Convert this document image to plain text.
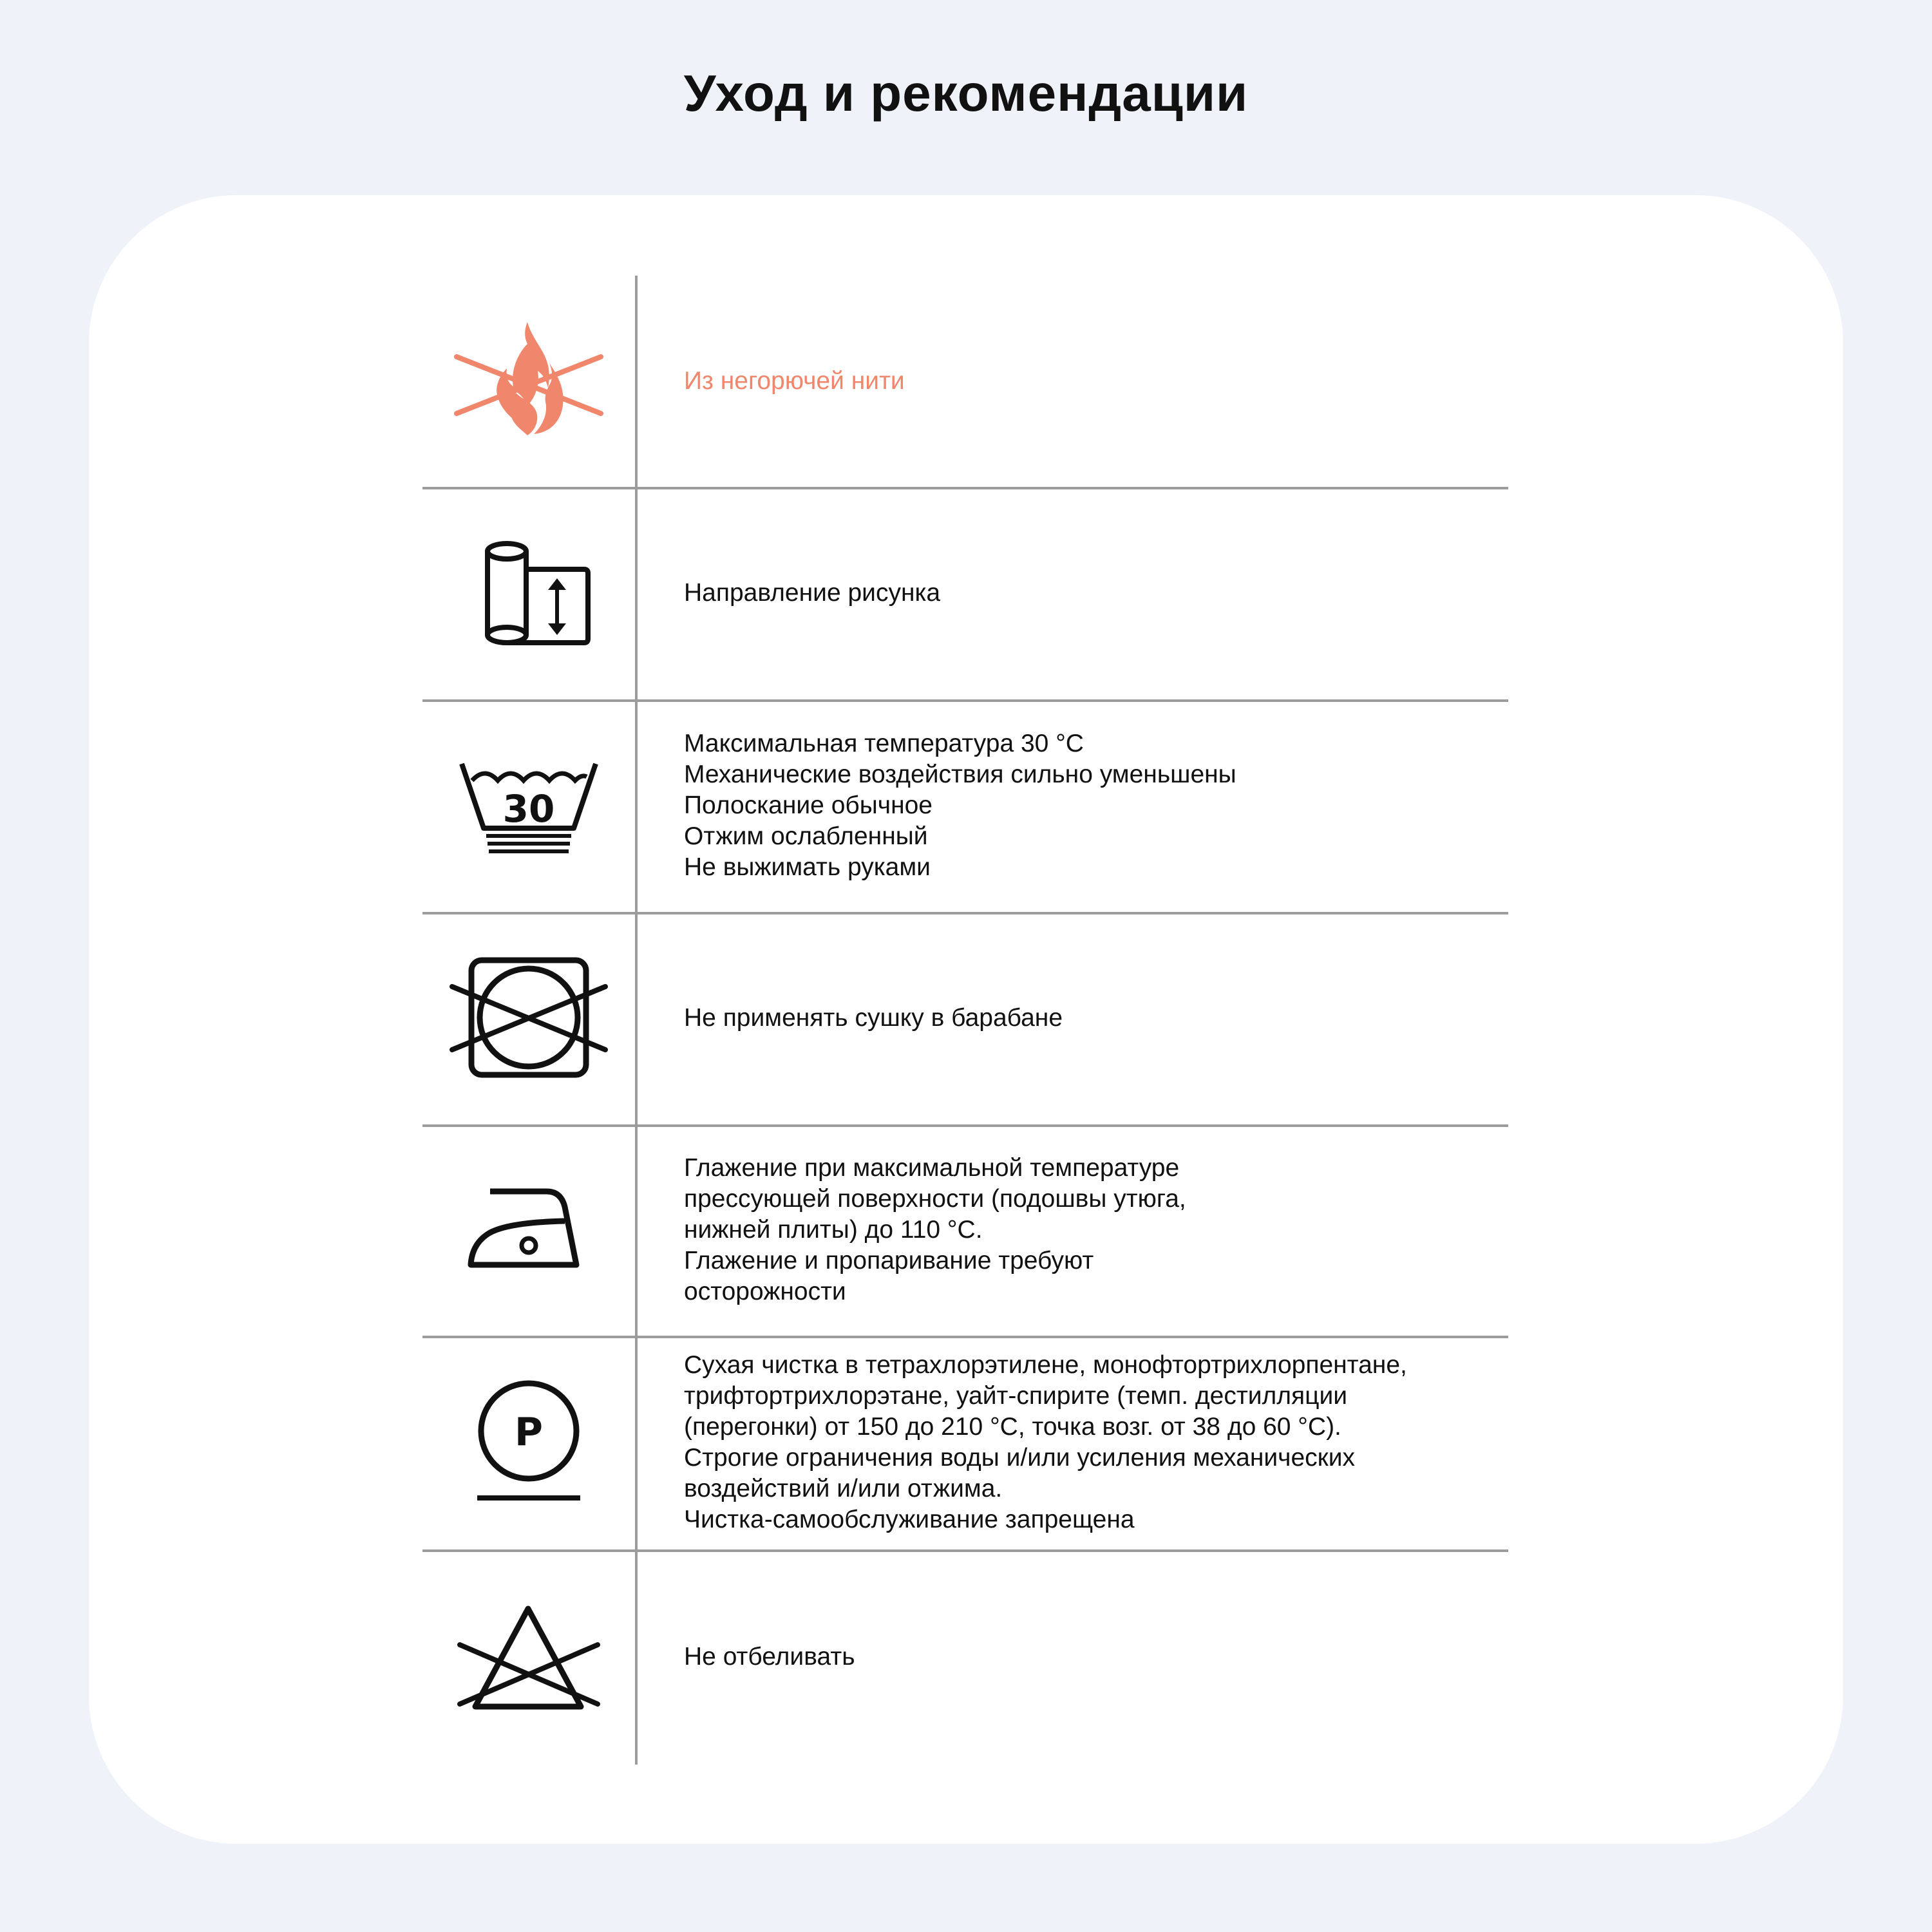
Уход и рекомендации
Из негорючей нити
Направление рисунка
30
Максимальная температура 30 °C
Механические воздействия сильно уменьшены
Полоскание обычное
Отжим ослабленный
Не выжимать руками
Не применять сушку в барабане
Глажение при максимальной температуре
прессующей поверхности (подошвы утюга,
нижней плиты) до 110 °C.
Глажение и пропаривание требуют
осторожности
P
Сухая чистка в тетрахлорэтилене, монофтортрихлорпентане,
трифтортрихлорэтане, уайт-спирите (темп. дестилляции
(перегонки) от 150 до 210 °C, точка возг. от 38 до 60 °C).
Строгие ограничения воды и/или усиления механических
воздействий и/или отжима.
Чистка-самообслуживание запрещена
Не отбеливать
